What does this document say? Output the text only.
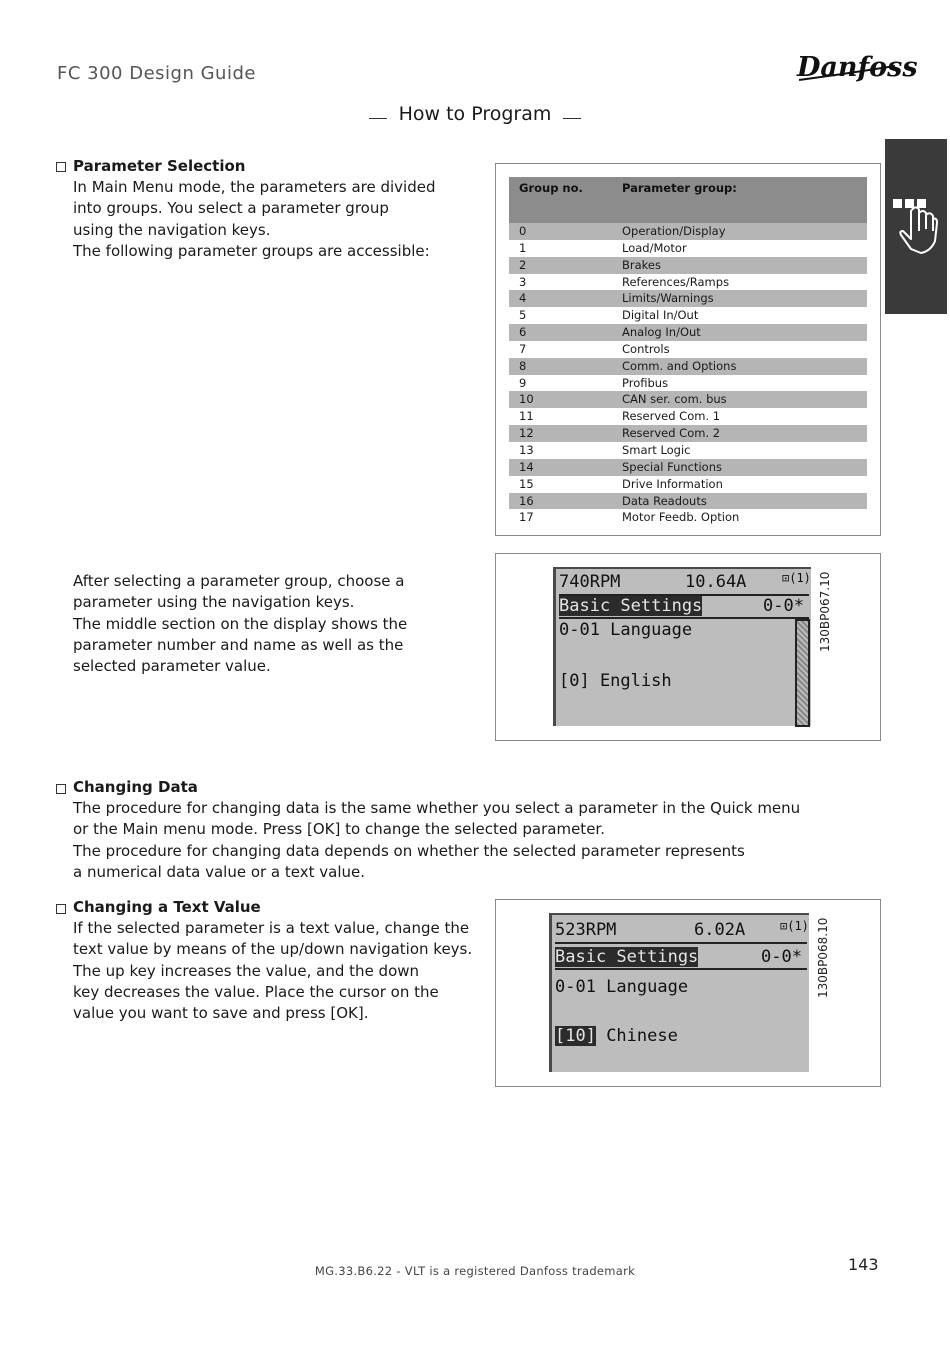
FC 300 Design Guide	Danfoss
How to Program
Parameter Selection
In Main Menu mode, the parameters are divided
into groups. You select a parameter group
using the navigation keys.
The following parameter groups are accessible:
Group no.	Parameter group:
0	Operation/Display
1	Load/Motor
2	Brakes
3	References/Ramps
4	Limits/Warnings
5	Digital In/Out
6	Analog In/Out
7	Controls
8	Comm. and Options
9	Profibus
10	CAN ser. com. bus
11	Reserved Com. 1
12	Reserved Com. 2
13	Smart Logic
14	Special Functions
15	Drive Information
16	Data Readouts
17	Motor Feedb. Option
After selecting a parameter group, choose a
parameter using the navigation keys.
The middle section on the display shows the
parameter number and name as well as the
selected parameter value.
740RPM	10.64A	⊡(1)
Basic Settings	0-0*
0-01 Language
[0] English
130BP067.10
Changing Data
The procedure for changing data is the same whether you select a parameter in the Quick menu
or the Main menu mode. Press [OK] to change the selected parameter.
The procedure for changing data depends on whether the selected parameter represents
a numerical data value or a text value.
Changing a Text Value
If the selected parameter is a text value, change the
text value by means of the up/down navigation keys.
The up key increases the value, and the down
key decreases the value. Place the cursor on the
value you want to save and press [OK].
523RPM	6.02A	⊡(1)
Basic Settings	0-0*
0-01 Language
[10] Chinese
130BP068.10
MG.33.B6.22 - VLT is a registered Danfoss trademark	143
